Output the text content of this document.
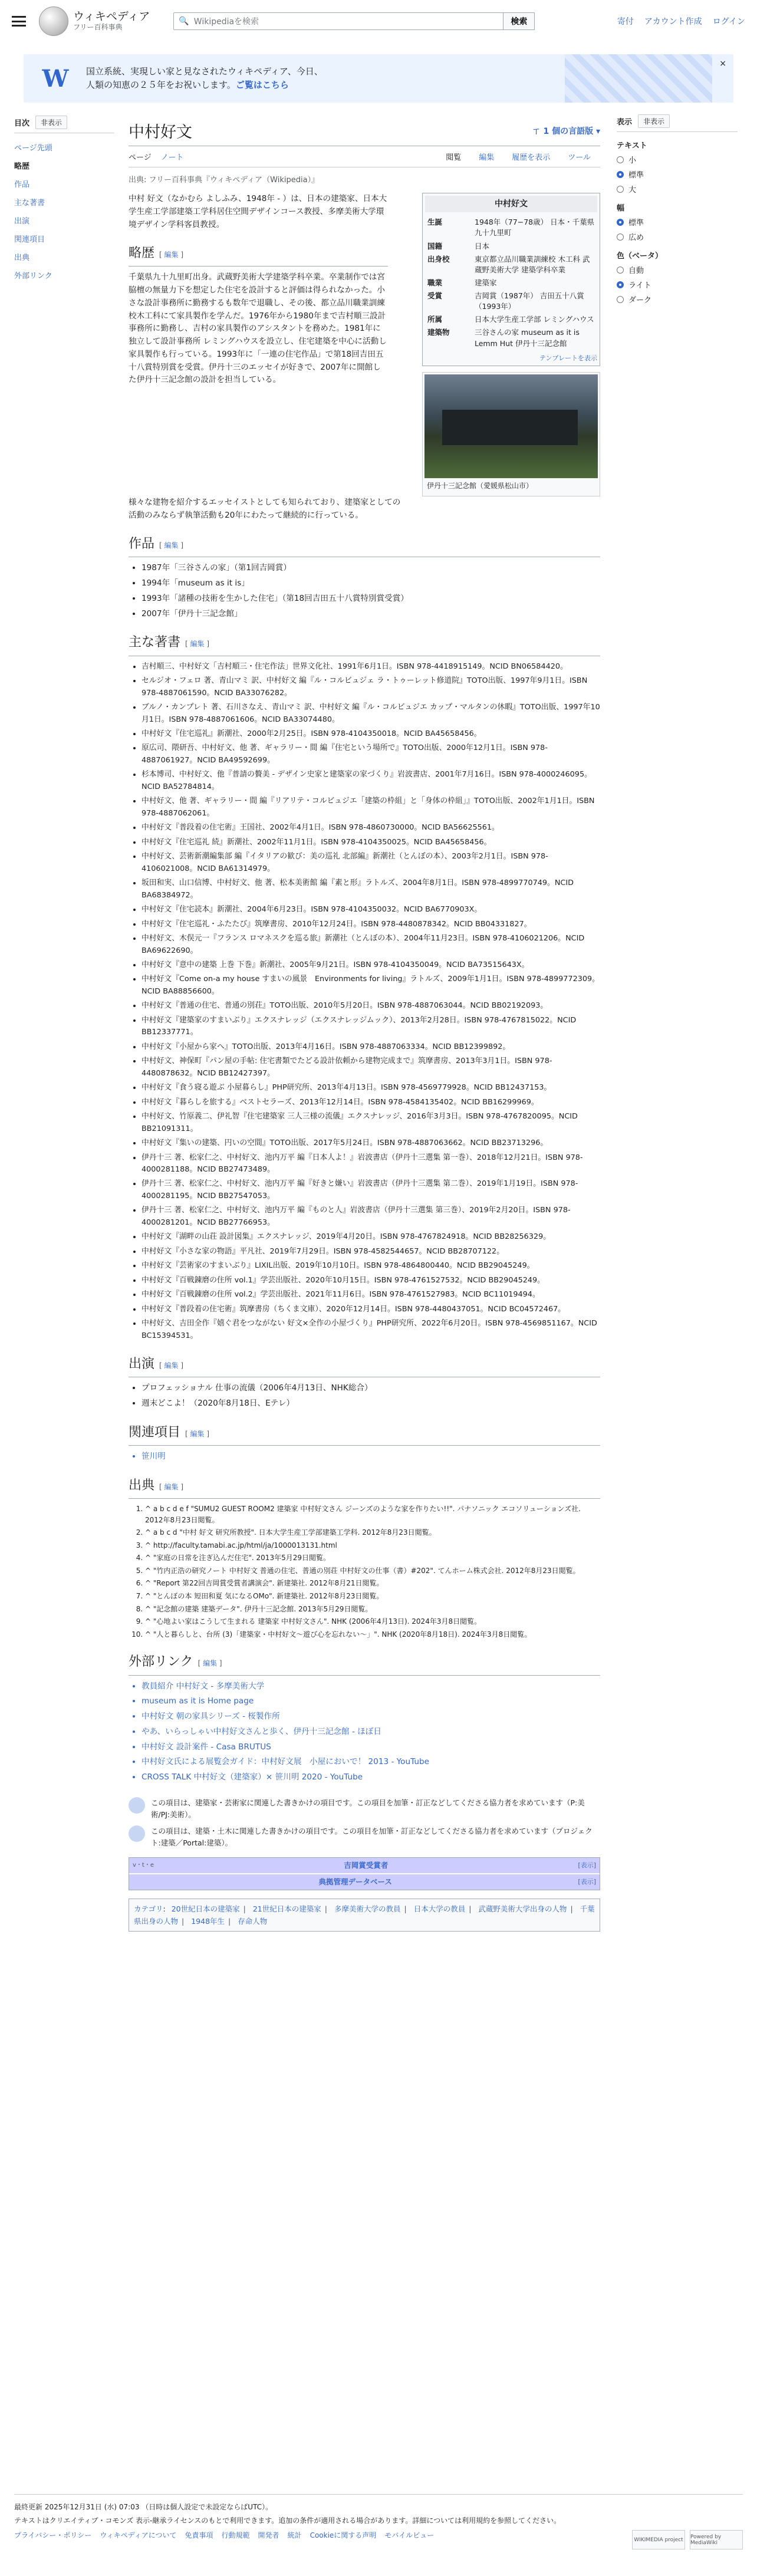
ウィキペディア
フリー百科事典
🔍 Wikipediaを検索	検索	寄付 アカウント作成 ログイン
W	国立系統、実現しい家と見なされたウィキペディア、今日、
人類の知恵の２５年をお祝いします。ご覧はこちら
×
目次	非表示
ページ先頭
略歴
作品
主な著書
出演
関連項目
出典
外部リンク
中村好文	ㄒ 1 個の言語版 ▾
ページ ノート	閲覧 編集 履歴を表示 ツール
出典: フリー百科事典『ウィキペディア（Wikipedia）』

中村 好文（なかむら よしふみ、1948年 - ）は、日本の建築家、日本大学生産工学部建築工学科居住空間デザインコース教授、多摩美術大学環境デザイン学科客員教授。

略歴 [ 編集 ]

千葉県九十九里町出身。武蔵野美術大学建築学科卒業。卒業制作では宮脇檀の無量力下を想定した住宅を設計すると評価は得られなかった。小さな設計事務所に勤務するも数年で退職し、その後、都立品川職業訓練校木工科にて家具製作を学んだ。1976年から1980年まで吉村順三設計事務所に勤務し、吉村の家具製作のアシスタントを務めた。1981年に独立して設計事務所 レミングハウスを設立し、住宅建築を中心に活動し家具製作も行っている。1993年に「一連の住宅作品」で第18回吉田五十八賞特別賞を受賞。伊丹十三のエッセイが好きで、2007年に開館した伊丹十三記念館の設計を担当している。

中村好文
生誕	1948年（77−78歳） 日本・千葉県九十九里町
国籍	日本
出身校	東京都立品川職業訓練校 木工科 武蔵野美術大学 建築学科卒業
職業	建築家
受賞	吉岡賞（1987年） 吉田五十八賞（1993年）
所属	日本大学生産工学部 レミングハウス
建築物	三谷さんの家 museum as it is Lemm Hut 伊丹十三記念館
テンプレートを表示
伊丹十三記念館（愛媛県松山市）

様々な建物を紹介するエッセイストとしても知られており、建築家としての活動のみならず執筆活動も20年にわたって継続的に行っている。

作品 [ 編集 ]
• 1987年「三谷さんの家」（第1回吉岡賞）
• 1994年「museum as it is」
• 1993年「諸種の技術を生かした住宅」（第18回吉田五十八賞特別賞受賞）
• 2007年「伊丹十三記念館」
主な著書 [ 編集 ]
• 吉村順三、中村好文「吉村順三・住宅作法」世界文化社、1991年6月1日。ISBN 978-4418915149。NCID BN06584420。
• セルジオ・フェロ 著、青山マミ 訳、中村好文 編『ル・コルビュジェ ラ・トゥーレット修道院』TOTO出版、1997年9月1日。ISBN 978-4887061590。NCID BA33076282。
• ブルノ・カンプレト 著、石川さなえ、青山マミ 訳、中村好文 編『ル・コルビュジエ カップ・マルタンの休暇』TOTO出版、1997年10月1日。ISBN 978-4887061606。NCID BA33074480。
• 中村好文『住宅巡礼』新潮社、2000年2月25日。ISBN 978-4104350018。NCID BA45658456。
• 原広司、隈研吾、中村好文、他 著、ギャラリー・間 編『住宅という場所で』TOTO出版、2000年12月1日。ISBN 978-4887061927。NCID BA49592699。
• 杉本博司、中村好文、他『普請の贅美 - デザイン史家と建築家の家づくり』岩波書店、2001年7月16日。ISBN 978-4000246095。NCID BA52784814。
• 中村好文、他 著、ギャラリー・間 編『リアリテ・コルビュジエ「建築の枠組」と「身体の枠組」』TOTO出版、2002年1月1日。ISBN 978-4887062061。
• 中村好文『普段着の住宅術』王国社、2002年4月1日。ISBN 978-4860730000。NCID BA56625561。
• 中村好文『住宅巡礼 続』新潮社、2002年11月1日。ISBN 978-4104350025。NCID BA45658456。
• 中村好文、芸術新潮編集部 編『イタリアの歓び：美の巡礼 北部編』新潮社（とんぼの本）、2003年2月1日。ISBN 978-4106021008。NCID BA61314979。
• 坂田和実、山口信博、中村好文、他 著、松本美術館 編『素と形』ラトルズ、2004年8月1日。ISBN 978-4899770749。NCID BA68384972。
• 中村好文『住宅読本』新潮社、2004年6月23日。ISBN 978-4104350032。NCID BA6770903X。
• 中村好文『住宅巡礼・ふたたび』筑摩書房、2010年12月24日。ISBN 978-4480878342。NCID BB04331827。
• 中村好文、木俣元一『フランス ロマネスクを巡る旅』新潮社（とんぼの本）、2004年11月23日。ISBN 978-4106021206。NCID BA69622690。
• 中村好文『意中の建築 上巻 下巻』新潮社、2005年9月21日。ISBN 978-4104350049。NCID BA73515643X。
• 中村好文『Come on-a my house すまいの風景　Environments for living』ラトルズ、2009年1月1日。ISBN 978-4899772309。NCID BA88856600。
• 中村好文『普通の住宅、普通の別荘』TOTO出版、2010年5月20日。ISBN 978-4887063044。NCID BB02192093。
• 中村好文『建築家のすまいぶり』エクスナレッジ（エクスナレッジムック）、2013年2月28日。ISBN 978-4767815022。NCID BB12337771。
• 中村好文『小屋から家へ』TOTO出版、2013年4月16日。ISBN 978-4887063334。NCID BB12399892。
• 中村好文、神保町『パン屋の手帖: 住宅書類でたどる設計依頼から建物完成まで』筑摩書房、2013年3月1日。ISBN 978-4480878632。NCID BB12427397。
• 中村好文『食う寝る遊ぶ 小屋暮らし』PHP研究所、2013年4月13日。ISBN 978-4569779928。NCID BB12437153。
• 中村好文『暮らしを旅する』ベストセラーズ、2013年12月14日。ISBN 978-4584135402。NCID BB16299969。
• 中村好文、竹原義二、伊礼智『住宅建築家 三人三様の流儀』エクスナレッジ、2016年3月3日。ISBN 978-4767820095。NCID BB21091311。
• 中村好文『集いの建築、円いの空間』TOTO出版、2017年5月24日。ISBN 978-4887063662。NCID BB23713296。
• 伊丹十三 著、松家仁之、中村好文、池内万平 編『日本人よ！』岩波書店（伊丹十三選集 第一巻）、2018年12月21日。ISBN 978-4000281188。NCID BB27473489。
• 伊丹十三 著、松家仁之、中村好文、池内万平 編『好きと嫌い』岩波書店（伊丹十三選集 第二巻）、2019年1月19日。ISBN 978-4000281195。NCID BB27547053。
• 伊丹十三 著、松家仁之、中村好文、池内万平 編『ものと人』岩波書店（伊丹十三選集 第三巻）、2019年2月20日。ISBN 978-4000281201。NCID BB27766953。
• 中村好文『湖畔の山荘 設計図集』エクスナレッジ、2019年4月20日。ISBN 978-4767824918。NCID BB28256329。
• 中村好文『小さな家の物語』平凡社、2019年7月29日。ISBN 978-4582544657。NCID BB28707122。
• 中村好文『芸術家のすまいぶり』LIXIL出版、2019年10月10日。ISBN 978-4864800440。NCID BB29045249。
• 中村好文『百戦錬磨の住所 vol.1』学芸出版社、2020年10月15日。ISBN 978-4761527532。NCID BB29045249。
• 中村好文『百戦錬磨の住所 vol.2』学芸出版社、2021年11月6日。ISBN 978-4761527983。NCID BC11019494。
• 中村好文『普段着の住宅術』筑摩書房（ちくま文庫）、2020年12月14日。ISBN 978-4480437051。NCID BC04572467。
• 中村好文、吉田全作『嬉ぐ君をつながない 好文×全作の小屋づくり』PHP研究所、2022年6月20日。ISBN 978-4569851167。NCID BC15394531。
出演 [ 編集 ]
• プロフェッショナル 仕事の流儀（2006年4月13日、NHK総合）
• 週末どこよ！（2020年8月18日、Eテレ）
関連項目 [ 編集 ]
• 笹川明
出典 [ 編集 ]
1. ^ a b c d e f "SUMU2 GUEST ROOM2 建築家 中村好文さん ジーンズのような家を作りたい!!". パナソニック エコソリューションズ社. 2012年8月23日閲覧。
2. ^ a b c d "中村 好文 研究所教授". 日本大学生産工学部建築工学科. 2012年8月23日閲覧。
3. ^ http://faculty.tamabi.ac.jp/html/ja/1000013131.html
4. ^ "家庭の日常を注ぎ込んだ住宅". 2013年5月29日閲覧。
5. ^ "竹内正浩の研究ノート 中村好文 普通の住宅、普通の別荘 中村好文の仕事（書）#202". てんホーム株式会社. 2012年8月23日閲覧。
6. ^ "Report 第22回吉岡賞受賞者講演会". 新建築社. 2012年8月21日閲覧。
7. ^ "とんぼの本 短田和夏 気になるOMo". 新建築社. 2012年8月23日閲覧。
8. ^ "記念館の建築 建築データ". 伊丹十三記念館. 2013年5月29日閲覧。
9. ^ "心地よい家はこうして生まれる 建築家 中村好文さん". NHK (2006年4月13日). 2024年3月8日閲覧。
10. ^ "人と暮らしと、台所 (3)「建築家・中村好文〜遊び心を忘れない〜」". NHK (2020年8月18日). 2024年3月8日閲覧。
外部リンク [ 編集 ]
• 教員紹介 中村好文 - 多摩美術大学
• museum as it is Home page
• 中村好文 朝の家具シリーズ - 桜製作所
• やあ、いらっしゃい中村好文さんと歩く、伊丹十三記念館 - ほぼ日
• 中村好文 設計案件 - Casa BRUTUS
• 中村好文氏による展覧会ガイド：中村好文展　小屋においで！ 2013 - YouTube
• CROSS TALK 中村好文（建築家）× 笹川明 2020 - YouTube
この項目は、建築家・芸術家に関連した書きかけの項目です。この項目を加筆・訂正などしてくださる協力者を求めています（P:美術/PJ:美術）。
この項目は、建築・土木に関連した書きかけの項目です。この項目を加筆・訂正などしてくださる協力者を求めています（プロジェクト:建築／Portal:建築）。
v・t・e	吉岡賞受賞者	[表示]
典拠管理データベース	[表示]
カテゴリ: 20世紀日本の建築家 | 21世紀日本の建築家 | 多摩美術大学の教員 | 日本大学の教員 | 武蔵野美術大学出身の人物 | 千葉県出身の人物 | 1948年生 | 存命人物
表示	非表示
テキスト
小
標準
大
幅
標準
広め
色（ベータ）
自動
ライト
ダーク

最終更新 2025年12月31日 (水) 07:03 （日時は個人設定で未設定ならばUTC）。

テキストはクリエイティブ・コモンズ 表示-継承ライセンスのもとで利用できます。追加の条件が適用される場合があります。詳細については利用規約を参照してください。

プライバシー・ポリシー ウィキペディアについて 免責事項 行動規範 開発者 統計 Cookieに関する声明 モバイルビュー
WIKIMEDIA project	Powered by MediaWiki
